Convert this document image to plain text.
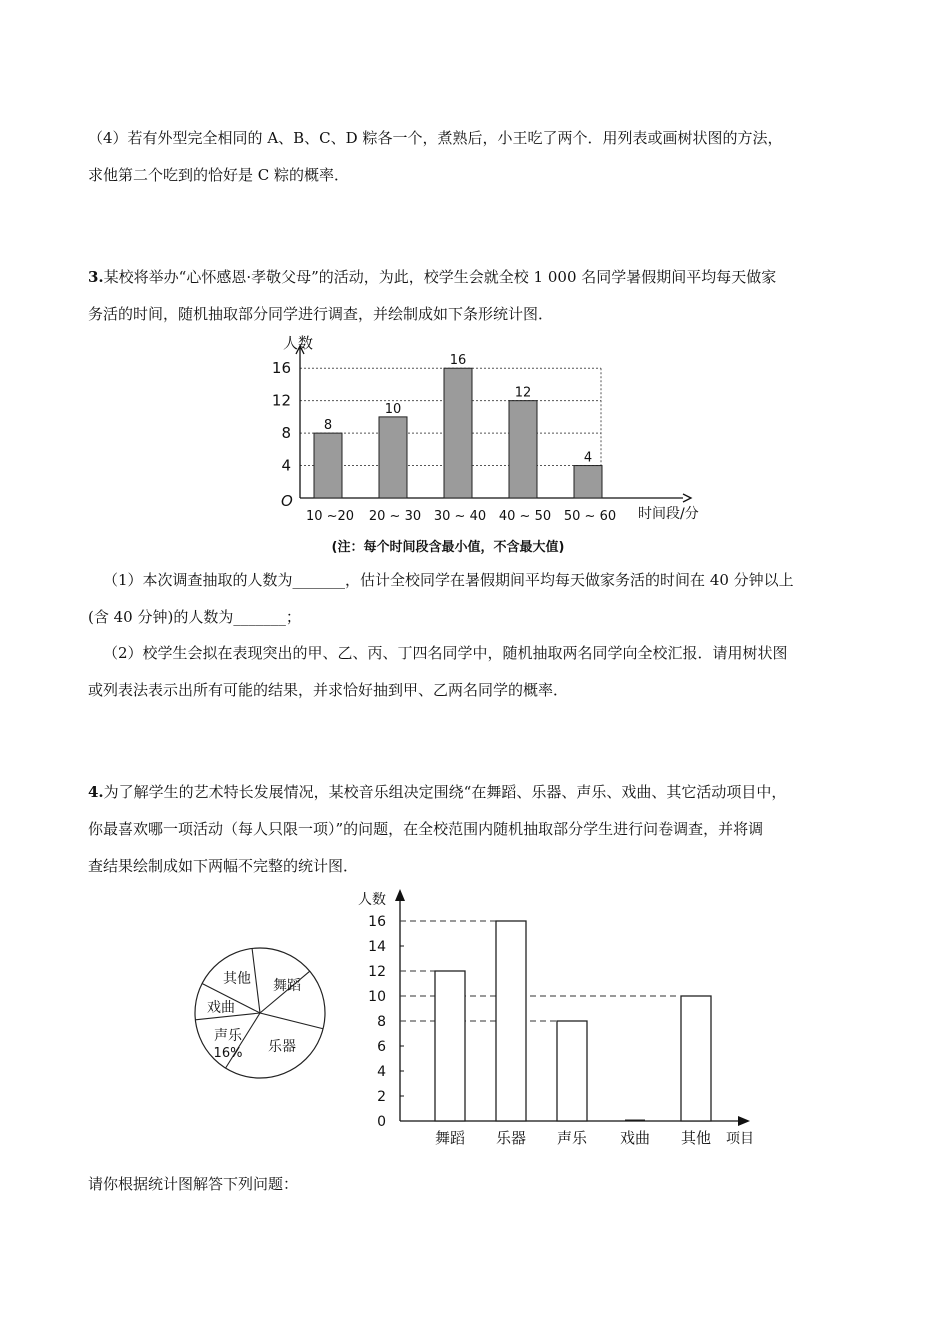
（4）若有外型完全相同的 A、B、C、D 粽各一个，煮熟后，小王吃了两个．用列表或画树状图的方法，
求他第二个吃到的恰好是 C 粽的概率．
3.某校将举办“心怀感恩·孝敬父母”的活动，为此，校学生会就全校 1 000 名同学暑假期间平均每天做家
务活的时间，随机抽取部分同学进行调查，并绘制成如下条形统计图．
4
8
12
16
人数
O
时间段/分
8
10 ~20
10
20 ~ 30
16
30 ~ 40
12
40 ~ 50
4
50 ~ 60
(注：每个时间段含最小值，不含最大值)
（1）本次调查抽取的人数为_______，估计全校同学在暑假期间平均每天做家务活的时间在 40 分钟以上
(含 40 分钟)的人数为_______；
（2）校学生会拟在表现突出的甲、乙、丙、丁四名同学中，随机抽取两名同学向全校汇报．请用树状图
或列表法表示出所有可能的结果，并求恰好抽到甲、乙两名同学的概率．
4.为了解学生的艺术特长发展情况，某校音乐组决定围绕“在舞蹈、乐器、声乐、戏曲、其它活动项目中，
你最喜欢哪一项活动（每人只限一项）”的问题，在全校范围内随机抽取部分学生进行问卷调查，并将调
查结果绘制成如下两幅不完整的统计图．
其他 舞蹈
乐器
声乐
戏曲
16%
人数
0
项目
2
4
6
8
10
12
14
16
舞蹈 乐器 声乐 戏曲 其他
请你根据统计图解答下列问题：
